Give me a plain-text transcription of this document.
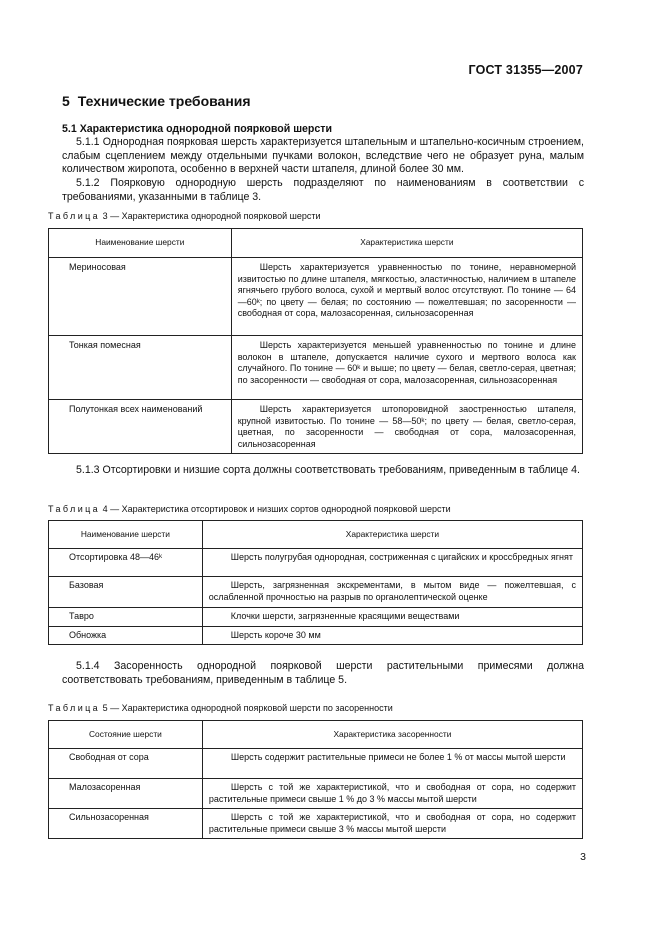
ГОСТ 31355—2007
5 Технические требования
5.1 Характеристика однородной поярковой шерсти
5.1.1 Однородная поярковая шерсть характеризуется штапельным и штапельно-косичным строением, слабым сцеплением между отдельными пучками волокон, вследствие чего не образует руна, малым количеством жиропота, особенно в верхней части штапеля, длиной более 30 мм.
5.1.2 Поярковую однородную шерсть подразделяют по наименованиям в соответствии с требованиями, указанными в таблице 3.
Таблица 3 — Характеристика однородной поярковой шерсти
Наименование шерсти	Характеристика шерсти

Мериносовая	Шерсть характеризуется уравненностью по тонине, неравномерной извитостью по длине штапеля, мягкостью, эластичностью, наличием в штапеле ягнячьего грубого волоса, сухой и мертвый волос отсутствуют. По тонине — 64—60ᵏ; по цвету — белая; по состоянию — пожелтевшая; по засоренности — свободная от сора, малозасоренная, сильнозасоренная

Тонкая помесная	Шерсть характеризуется меньшей уравненностью по тонине и длине волокон в штапеле, допускается наличие сухого и мертвого волоса как случайного. По тонине — 60ᵏ и выше; по цвету — белая, светло-серая, цветная; по засоренности — свободная от сора, малозасоренная, сильнозасоренная

Полутонкая всех наименований	Шерсть характеризуется штопоровидной заостренностью штапеля, крупной извитостью. По тонине — 58—50ᵏ; по цвету — белая, светло-серая, цветная, по засоренности — свободная от сора, малозасоренная, сильнозасоренная
5.1.3 Отсортировки и низшие сорта должны соответствовать требованиям, приведенным в таблице 4.
Таблица 4 — Характеристика отсортировок и низших сортов однородной поярковой шерсти
Наименование шерсти	Характеристика шерсти

Отсортировка 48—46ᵏ	Шерсть полугрубая однородная, состриженная с цигайских и кроссбредных ягнят

Базовая	Шерсть, загрязненная экскрементами, в мытом виде — пожелтевшая, с ослабленной прочностью на разрыв по органолептической оценке

Тавро	Клочки шерсти, загрязненные красящими веществами

Обножка	Шерсть короче 30 мм
5.1.4 Засоренность однородной поярковой шерсти растительными примесями должна соответствовать требованиям, приведенным в таблице 5.
Таблица 5 — Характеристика однородной поярковой шерсти по засоренности
Состояние шерсти	Характеристика засоренности

Свободная от сора	Шерсть содержит растительные примеси не более 1 % от массы мытой шерсти

Малозасоренная	Шерсть с той же характеристикой, что и свободная от сора, но содержит растительные примеси свыше 1 % до 3 % массы мытой шерсти

Сильнозасоренная	Шерсть с той же характеристикой, что и свободная от сора, но содержит растительные примеси свыше 3 % массы мытой шерсти
3
